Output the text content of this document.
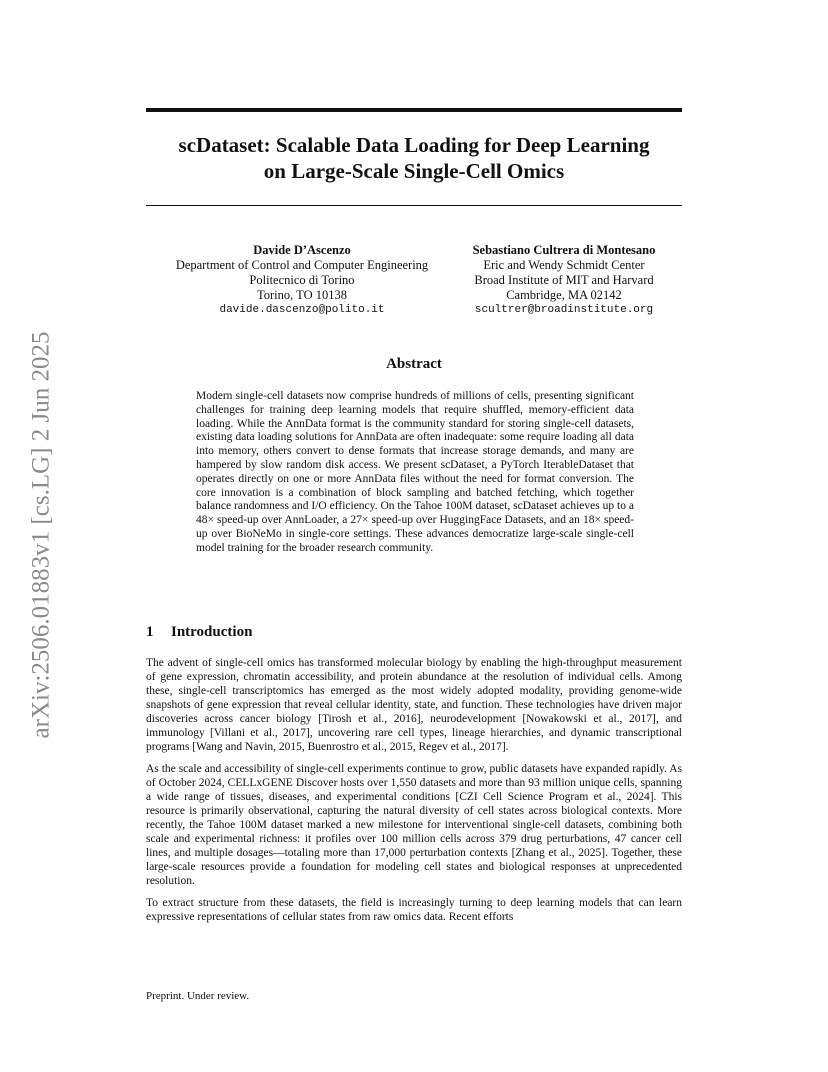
arXiv:2506.01883v1 [cs.LG] 2 Jun 2025
scDataset: Scalable Data Loading for Deep Learning
on Large-Scale Single-Cell Omics
Davide D’Ascenzo
Department of Control and Computer Engineering
Politecnico di Torino
Torino, TO 10138
davide.dascenzo@polito.it
Sebastiano Cultrera di Montesano
Eric and Wendy Schmidt Center
Broad Institute of MIT and Harvard
Cambridge, MA 02142
scultrer@broadinstitute.org
Abstract
Modern single-cell datasets now comprise hundreds of millions of cells, presenting significant challenges for training deep learning models that require shuffled, memory-efficient data loading. While the AnnData format is the community standard for storing single-cell datasets, existing data loading solutions for AnnData are often inadequate: some require loading all data into memory, others convert to dense formats that increase storage demands, and many are hampered by slow random disk access. We present scDataset, a PyTorch IterableDataset that operates directly on one or more AnnData files without the need for format conversion. The core innovation is a combination of block sampling and batched fetching, which together balance randomness and I/O efficiency. On the Tahoe 100M dataset, scDataset achieves up to a 48× speed-up over AnnLoader, a 27× speed-up over HuggingFace Datasets, and an 18× speed-up over BioNeMo in single-core settings. These advances democratize large-scale single-cell model training for the broader research community.
1 Introduction

The advent of single-cell omics has transformed molecular biology by enabling the high-throughput measurement of gene expression, chromatin accessibility, and protein abundance at the resolution of individual cells. Among these, single-cell transcriptomics has emerged as the most widely adopted modality, providing genome-wide snapshots of gene expression that reveal cellular identity, state, and function. These technologies have driven major discoveries across cancer biology [Tirosh et al., 2016], neurodevelopment [Nowakowski et al., 2017], and immunology [Villani et al., 2017], uncovering rare cell types, lineage hierarchies, and dynamic transcriptional programs [Wang and Navin, 2015, Buenrostro et al., 2015, Regev et al., 2017].

As the scale and accessibility of single-cell experiments continue to grow, public datasets have expanded rapidly. As of October 2024, CELLxGENE Discover hosts over 1,550 datasets and more than 93 million unique cells, spanning a wide range of tissues, diseases, and experimental conditions [CZI Cell Science Program et al., 2024]. This resource is primarily observational, capturing the natural diversity of cell states across biological contexts. More recently, the Tahoe 100M dataset marked a new milestone for interventional single-cell datasets, combining both scale and experimental richness: it profiles over 100 million cells across 379 drug perturbations, 47 cancer cell lines, and multiple dosages—totaling more than 17,000 perturbation contexts [Zhang et al., 2025]. Together, these large-scale resources provide a foundation for modeling cell states and biological responses at unprecedented resolution.

To extract structure from these datasets, the field is increasingly turning to deep learning models that can learn expressive representations of cellular states from raw omics data. Recent efforts

Preprint. Under review.
